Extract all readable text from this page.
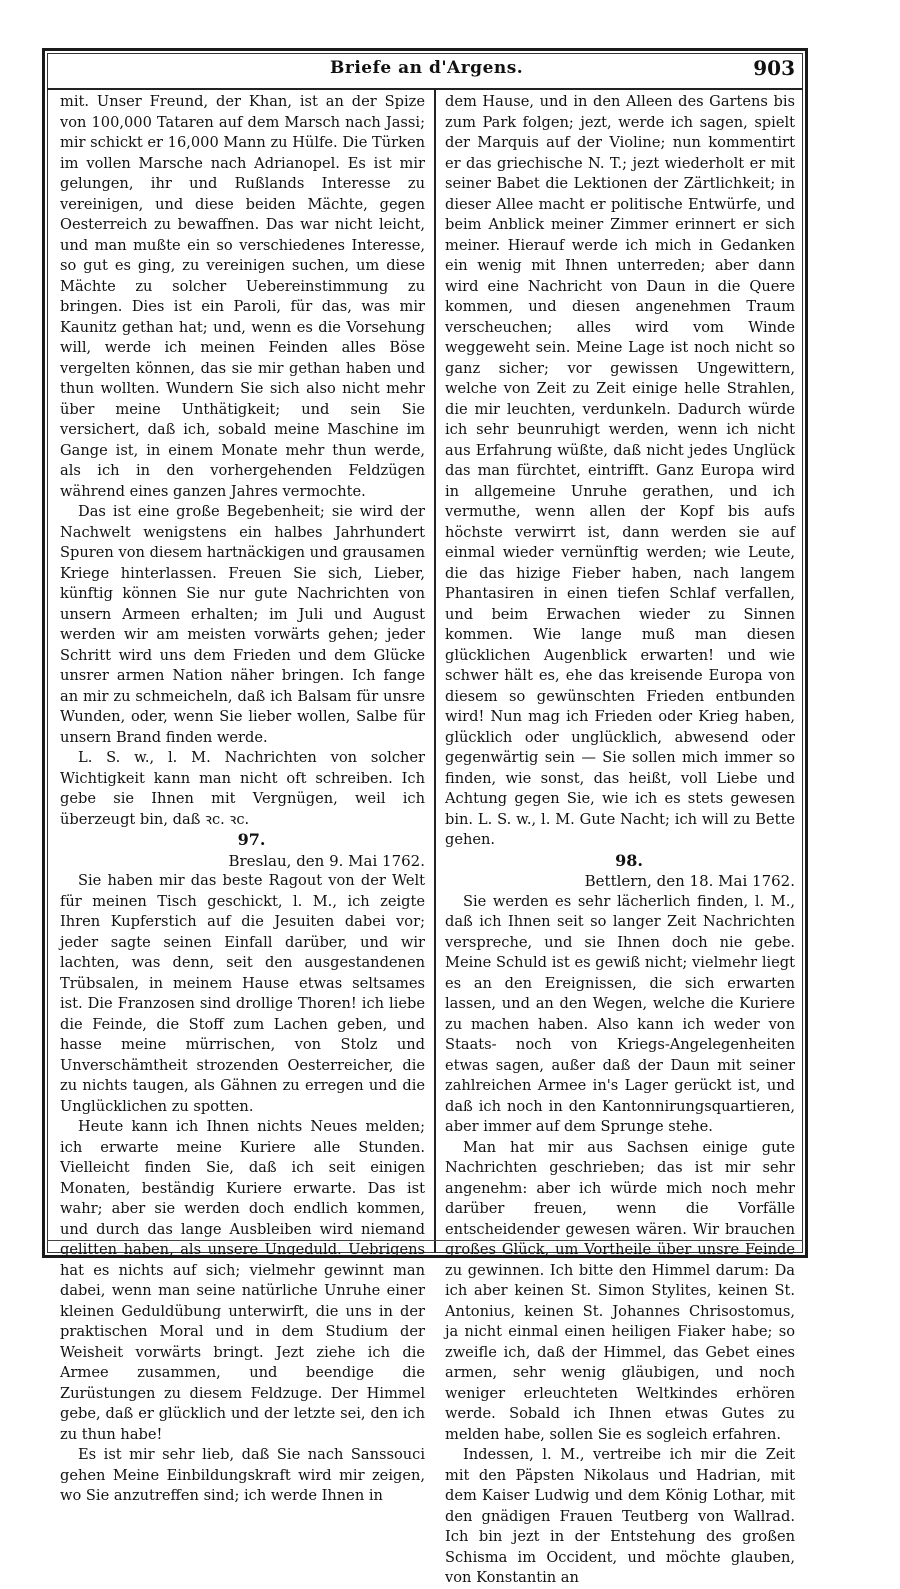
Briefe an d'Argens.	903

mit. Unser Freund, der Khan, ist an der Spize von 100,000 Tataren auf dem Marsch nach Jassi; mir schickt er 16,000 Mann zu Hülfe. Die Türken im vollen Marsche nach Adrianopel. Es ist mir gelungen, ihr und Rußlands Interesse zu vereinigen, und diese beiden Mächte, gegen Oesterreich zu bewaffnen. Das war nicht leicht, und man mußte ein so verschiedenes Interesse, so gut es ging, zu vereinigen suchen, um diese Mächte zu solcher Uebereinstimmung zu bringen. Dies ist ein Paroli, für das, was mir Kaunitz gethan hat; und, wenn es die Vorsehung will, werde ich meinen Feinden alles Böse vergelten können, das sie mir gethan haben und thun wollten. Wundern Sie sich also nicht mehr über meine Unthätigkeit; und sein Sie versichert, daß ich, sobald meine Maschine im Gange ist, in einem Monate mehr thun werde, als ich in den vorhergehenden Feldzügen während eines ganzen Jahres vermochte.

Das ist eine große Begebenheit; sie wird der Nachwelt wenigstens ein halbes Jahrhundert Spuren von diesem hartnäckigen und grausamen Kriege hinterlassen. Freuen Sie sich, Lieber, künftig können Sie nur gute Nachrichten von unsern Armeen erhalten; im Juli und August werden wir am meisten vorwärts gehen; jeder Schritt wird uns dem Frieden und dem Glücke unsrer armen Nation näher bringen. Ich fange an mir zu schmeicheln, daß ich Balsam für unsre Wunden, oder, wenn Sie lieber wollen, Salbe für unsern Brand finden werde.

L. S. w., l. M. Nachrichten von solcher Wichtigkeit kann man nicht oft schreiben. Ich gebe sie Ihnen mit Vergnügen, weil ich überzeugt bin, daß ꝛc. ꝛc.

97.

Breslau, den 9. Mai 1762.

Sie haben mir das beste Ragout von der Welt für meinen Tisch geschickt, l. M., ich zeigte Ihren Kupferstich auf die Jesuiten dabei vor; jeder sagte seinen Einfall darüber, und wir lachten, was denn, seit den ausgestandenen Trübsalen, in meinem Hause etwas seltsames ist. Die Franzosen sind drollige Thoren! ich liebe die Feinde, die Stoff zum Lachen geben, und hasse meine mürrischen, von Stolz und Unverschämtheit strozenden Oesterreicher, die zu nichts taugen, als Gähnen zu erregen und die Unglücklichen zu spotten.

Heute kann ich Ihnen nichts Neues melden; ich erwarte meine Kuriere alle Stunden. Vielleicht finden Sie, daß ich seit einigen Monaten, beständig Kuriere erwarte. Das ist wahr; aber sie werden doch endlich kommen, und durch das lange Ausbleiben wird niemand gelitten haben, als unsere Ungeduld. Uebrigens hat es nichts auf sich; vielmehr gewinnt man dabei, wenn man seine natürliche Unruhe einer kleinen Geduldübung unterwirft, die uns in der praktischen Moral und in dem Studium der Weisheit vorwärts bringt. Jezt ziehe ich die Armee zusammen, und beendige die Zurüstungen zu diesem Feldzuge. Der Himmel gebe, daß er glücklich und der letzte sei, den ich zu thun habe!

Es ist mir sehr lieb, daß Sie nach Sanssouci gehen Meine Einbildungskraft wird mir zeigen, wo Sie anzutreffen sind; ich werde Ihnen in

dem Hause, und in den Alleen des Gartens bis zum Park folgen; jezt, werde ich sagen, spielt der Marquis auf der Violine; nun kommentirt er das griechische N. T.; jezt wiederholt er mit seiner Babet die Lektionen der Zärtlichkeit; in dieser Allee macht er politische Entwürfe, und beim Anblick meiner Zimmer erinnert er sich meiner. Hierauf werde ich mich in Gedanken ein wenig mit Ihnen unterreden; aber dann wird eine Nachricht von Daun in die Quere kommen, und diesen angenehmen Traum verscheuchen; alles wird vom Winde weggeweht sein. Meine Lage ist noch nicht so ganz sicher; vor gewissen Ungewittern, welche von Zeit zu Zeit einige helle Strahlen, die mir leuchten, verdunkeln. Dadurch würde ich sehr beunruhigt werden, wenn ich nicht aus Erfahrung wüßte, daß nicht jedes Unglück das man fürchtet, eintrifft. Ganz Europa wird in allgemeine Unruhe gerathen, und ich vermuthe, wenn allen der Kopf bis aufs höchste verwirrt ist, dann werden sie auf einmal wieder vernünftig werden; wie Leute, die das hizige Fieber haben, nach langem Phantasiren in einen tiefen Schlaf verfallen, und beim Erwachen wieder zu Sinnen kommen. Wie lange muß man diesen glücklichen Augenblick erwarten! und wie schwer hält es, ehe das kreisende Europa von diesem so gewünschten Frieden entbunden wird! Nun mag ich Frieden oder Krieg haben, glücklich oder unglücklich, abwesend oder gegenwärtig sein — Sie sollen mich immer so finden, wie sonst, das heißt, voll Liebe und Achtung gegen Sie, wie ich es stets gewesen bin. L. S. w., l. M. Gute Nacht; ich will zu Bette gehen.

98.

Bettlern, den 18. Mai 1762.

Sie werden es sehr lächerlich finden, l. M., daß ich Ihnen seit so langer Zeit Nachrichten verspreche, und sie Ihnen doch nie gebe. Meine Schuld ist es gewiß nicht; vielmehr liegt es an den Ereignissen, die sich erwarten lassen, und an den Wegen, welche die Kuriere zu machen haben. Also kann ich weder von Staats- noch von Kriegs-Angelegenheiten etwas sagen, außer daß der Daun mit seiner zahlreichen Armee in's Lager gerückt ist, und daß ich noch in den Kantonnirungsquartieren, aber immer auf dem Sprunge stehe.

Man hat mir aus Sachsen einige gute Nachrichten geschrieben; das ist mir sehr angenehm: aber ich würde mich noch mehr darüber freuen, wenn die Vorfälle entscheidender gewesen wären. Wir brauchen großes Glück, um Vortheile über unsre Feinde zu gewinnen. Ich bitte den Himmel darum: Da ich aber keinen St. Simon Stylites, keinen St. Antonius, keinen St. Johannes Chrisostomus, ja nicht einmal einen heiligen Fiaker habe; so zweifle ich, daß der Himmel, das Gebet eines armen, sehr wenig gläubigen, und noch weniger erleuchteten Weltkindes erhören werde. Sobald ich Ihnen etwas Gutes zu melden habe, sollen Sie es sogleich erfahren.

Indessen, l. M., vertreibe ich mir die Zeit mit den Päpsten Nikolaus und Hadrian, mit dem Kaiser Ludwig und dem König Lothar, mit den gnädigen Frauen Teutberg von Wallrad. Ich bin jezt in der Entstehung des großen Schisma im Occident, und möchte glauben, von Konstantin an
